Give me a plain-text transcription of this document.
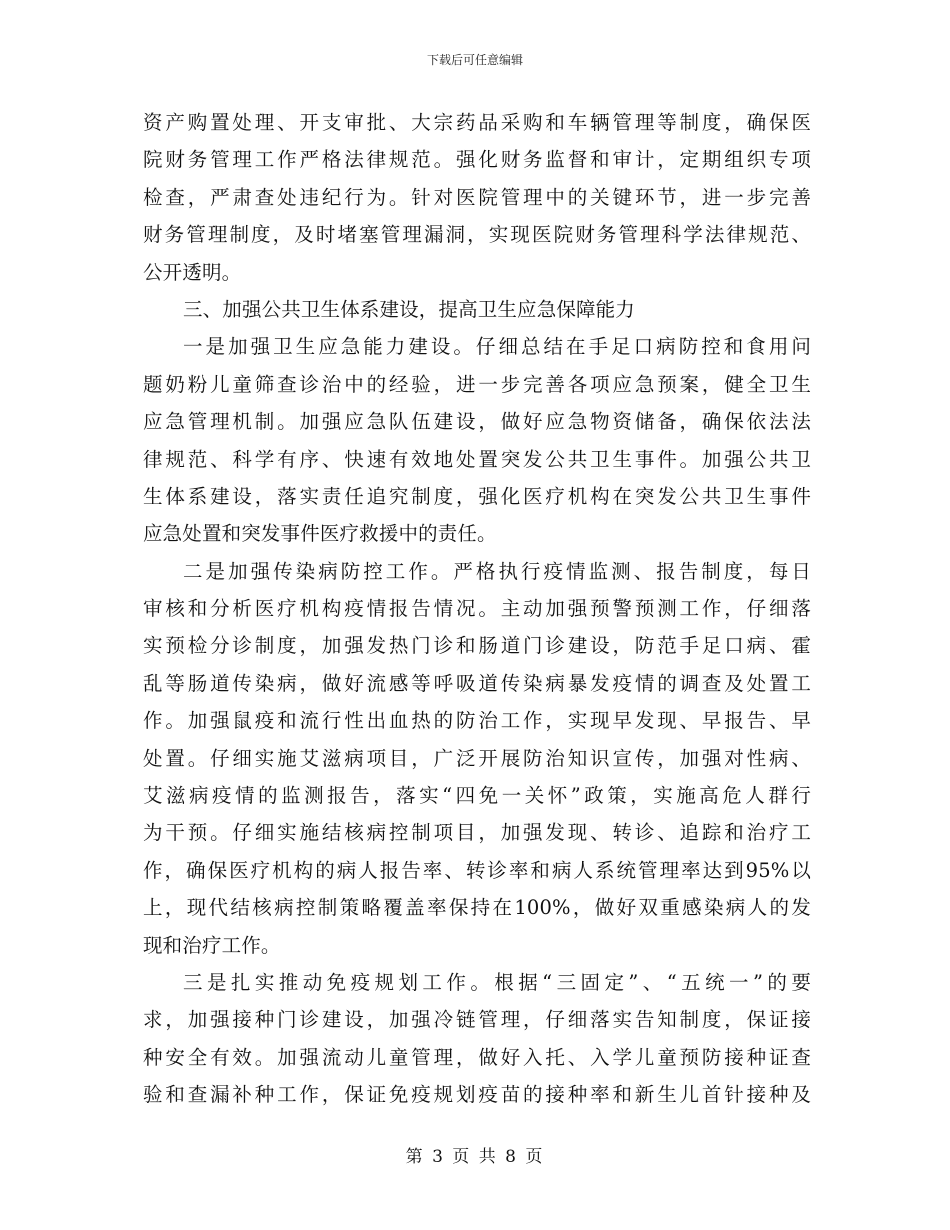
下载后可任意编辑
资产购置处理、开支审批、大宗药品采购和车辆管理等制度，确保医
院财务管理工作严格法律规范。强化财务监督和审计，定期组织专项
检查，严肃查处违纪行为。针对医院管理中的关键环节，进一步完善
财务管理制度，及时堵塞管理漏洞，实现医院财务管理科学法律规范、
公开透明。
三、加强公共卫生体系建设，提高卫生应急保障能力
一是加强卫生应急能力建设。仔细总结在手足口病防控和食用问
题奶粉儿童筛查诊治中的经验，进一步完善各项应急预案，健全卫生
应急管理机制。加强应急队伍建设，做好应急物资储备，确保依法法
律规范、科学有序、快速有效地处置突发公共卫生事件。加强公共卫
生体系建设，落实责任追究制度，强化医疗机构在突发公共卫生事件
应急处置和突发事件医疗救援中的责任。
二是加强传染病防控工作。严格执行疫情监测、报告制度，每日
审核和分析医疗机构疫情报告情况。主动加强预警预测工作，仔细落
实预检分诊制度，加强发热门诊和肠道门诊建设，防范手足口病、霍
乱等肠道传染病，做好流感等呼吸道传染病暴发疫情的调查及处置工
作。加强鼠疫和流行性出血热的防治工作，实现早发现、早报告、早
处置。仔细实施艾滋病项目，广泛开展防治知识宣传，加强对性病、
艾滋病疫情的监测报告，落实“四免一关怀”政策，实施高危人群行
为干预。仔细实施结核病控制项目，加强发现、转诊、追踪和治疗工
作，确保医疗机构的病人报告率、转诊率和病人系统管理率达到95%以
上，现代结核病控制策略覆盖率保持在100%，做好双重感染病人的发
现和治疗工作。
三是扎实推动免疫规划工作。根据“三固定”、“五统一”的要
求，加强接种门诊建设，加强冷链管理，仔细落实告知制度，保证接
种安全有效。加强流动儿童管理，做好入托、入学儿童预防接种证查
验和查漏补种工作，保证免疫规划疫苗的接种率和新生儿首针接种及
第 3 页 共 8 页
